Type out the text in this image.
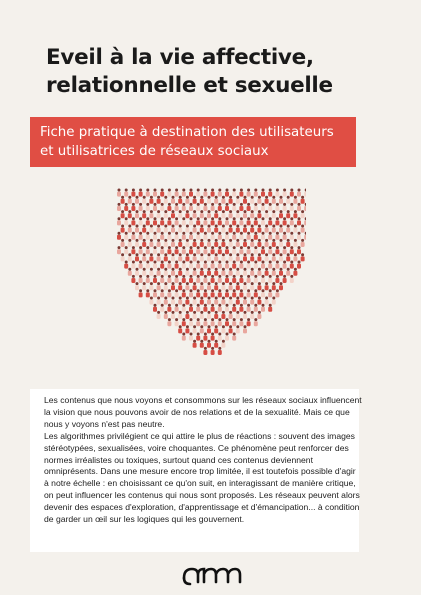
Eveil à la vie affective,
relationnelle et sexuelle
Fiche pratique à destination des utilisateurs
et utilisatrices de réseaux sociaux

Les contenus que nous voyons et consommons sur les réseaux sociaux influencent la vision que nous pouvons avoir de nos relations et de la sexualité. Mais ce que nous y voyons n'est pas neutre.

Les algorithmes privilégient ce qui attire le plus de réactions : souvent des images stéréotypées, sexualisées, voire choquantes. Ce phénomène peut renforcer des normes irréalistes ou toxiques, surtout quand ces contenus deviennent omniprésents. Dans une mesure encore trop limitée, il est toutefois possible d'agir à notre échelle : en choisissant ce qu'on suit, en interagissant de manière critique, on peut influencer les contenus qui nous sont proposés. Les réseaux peuvent alors devenir des espaces d'exploration, d'apprentissage et d'émancipation... à condition de garder un œil sur les logiques qui les gouvernent.
